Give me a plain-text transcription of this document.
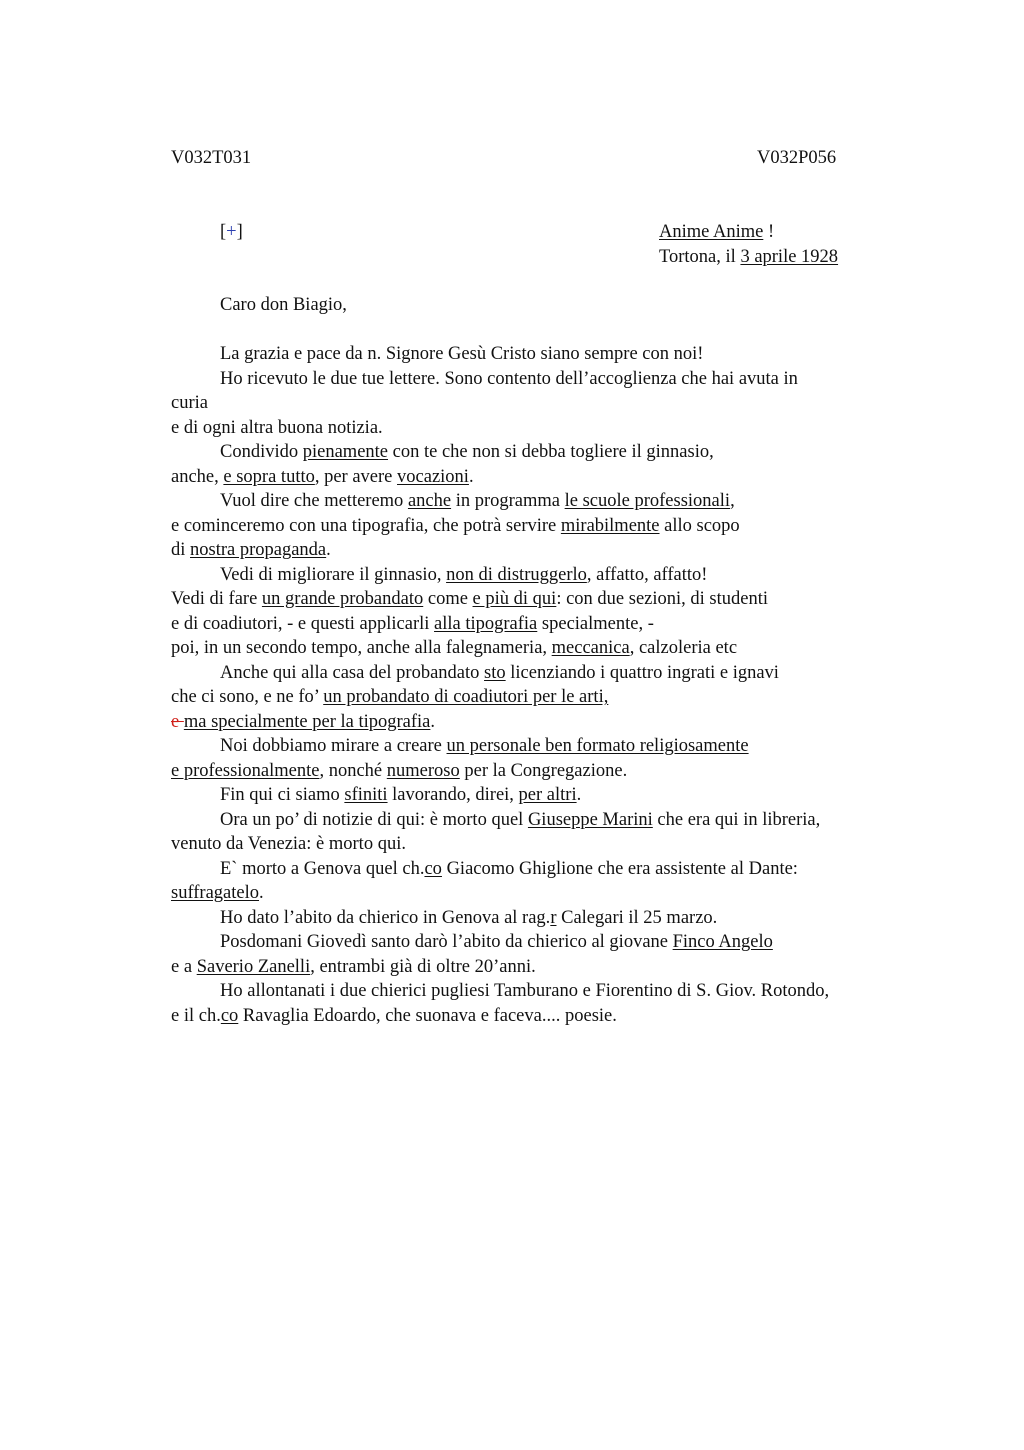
V032T031	V032P056
[+]	Anime Anime !
Tortona, il 3 aprile 1928
Caro don Biagio,
La grazia e pace da n. Signore Gesù Cristo siano sempre con noi!
Ho ricevuto le due tue lettere. Sono contento dell’accoglienza che hai avuta in
curia
e di ogni altra buona notizia.
Condivido pienamente con te che non si debba togliere il ginnasio,
anche, e sopra tutto, per avere vocazioni.
Vuol dire che metteremo anche in programma le scuole professionali,
e cominceremo con una tipografia, che potrà servire mirabilmente allo scopo
di nostra propaganda.
Vedi di migliorare il ginnasio, non di distruggerlo, affatto, affatto!
Vedi di fare un grande probandato come e più di qui: con due sezioni, di studenti
e di coadiutori, - e questi applicarli alla tipografia specialmente, -
poi, in un secondo tempo, anche alla falegnameria, meccanica, calzoleria etc
Anche qui alla casa del probandato sto licenziando i quattro ingrati e ignavi
che ci sono, e ne fo’ un probandato di coadiutori per le arti,
e ma specialmente per la tipografia.
Noi dobbiamo mirare a creare un personale ben formato religiosamente
e professionalmente, nonché numeroso per la Congregazione.
Fin qui ci siamo sfiniti lavorando, direi, per altri.
Ora un po’ di notizie di qui: è morto quel Giuseppe Marini che era qui in libreria,
venuto da Venezia: è morto qui.
E` morto a Genova quel ch.co Giacomo Ghiglione che era assistente al Dante:
suffragatelo.
Ho dato l’abito da chierico in Genova al rag.r Calegari il 25 marzo.
Posdomani Giovedì santo darò l’abito da chierico al giovane Finco Angelo
e a Saverio Zanelli, entrambi già di oltre 20’anni.
Ho allontanati i due chierici pugliesi Tamburano e Fiorentino di S. Giov. Rotondo,
e il ch.co Ravaglia Edoardo, che suonava e faceva.... poesie.
